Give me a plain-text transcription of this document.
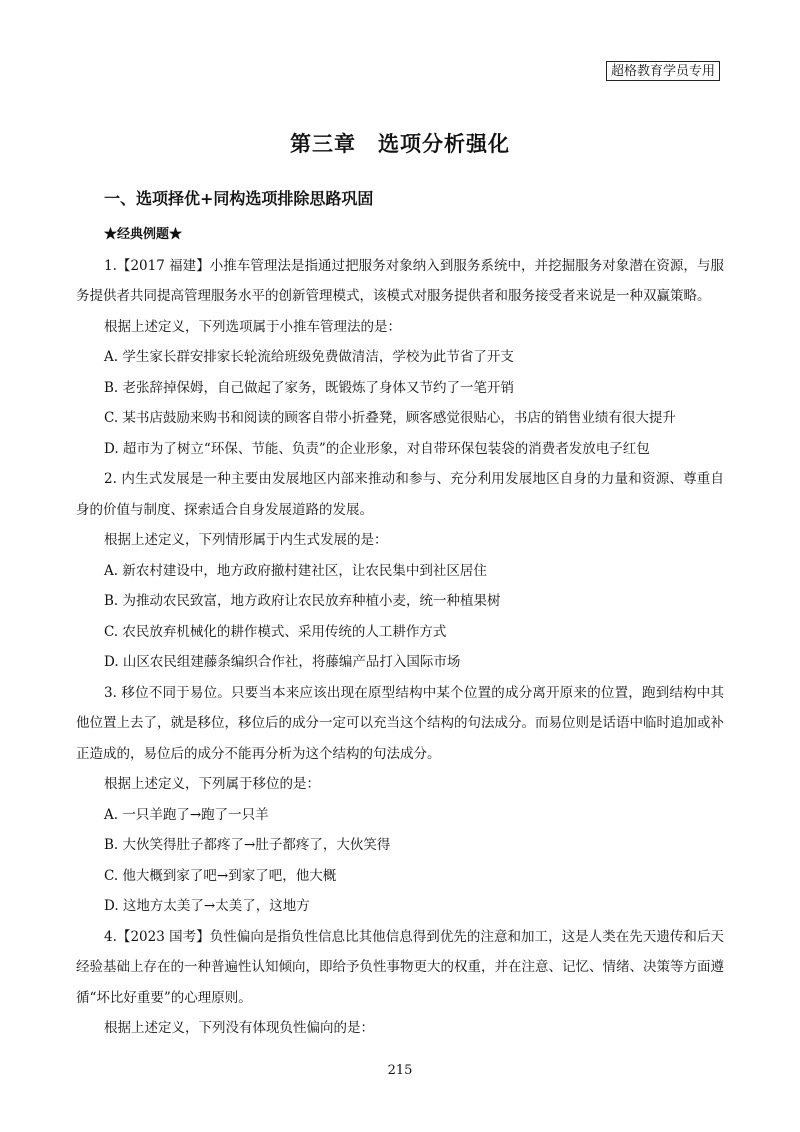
超格教育学员专用
第三章　选项分析强化
一、选项择优+同构选项排除思路巩固

★经典例题★

1.【2017 福建】小推车管理法是指通过把服务对象纳入到服务系统中，并挖掘服务对象潜在资源，与服务提供者共同提高管理服务水平的创新管理模式，该模式对服务提供者和服务接受者来说是一种双赢策略。

根据上述定义，下列选项属于小推车管理法的是：

A. 学生家长群安排家长轮流给班级免费做清洁，学校为此节省了开支

B. 老张辞掉保姆，自己做起了家务，既锻炼了身体又节约了一笔开销

C. 某书店鼓励来购书和阅读的顾客自带小折叠凳，顾客感觉很贴心，书店的销售业绩有很大提升

D. 超市为了树立“环保、节能、负责”的企业形象，对自带环保包装袋的消费者发放电子红包

2. 内生式发展是一种主要由发展地区内部来推动和参与、充分利用发展地区自身的力量和资源、尊重自身的价值与制度、探索适合自身发展道路的发展。

根据上述定义，下列情形属于内生式发展的是：

A. 新农村建设中，地方政府撤村建社区，让农民集中到社区居住

B. 为推动农民致富，地方政府让农民放弃种植小麦，统一种植果树

C. 农民放弃机械化的耕作模式、采用传统的人工耕作方式

D. 山区农民组建藤条编织合作社，将藤编产品打入国际市场

3. 移位不同于易位。只要当本来应该出现在原型结构中某个位置的成分离开原来的位置，跑到结构中其他位置上去了，就是移位，移位后的成分一定可以充当这个结构的句法成分。而易位则是话语中临时追加或补正造成的，易位后的成分不能再分析为这个结构的句法成分。

根据上述定义，下列属于移位的是：

A. 一只羊跑了→跑了一只羊

B. 大伙笑得肚子都疼了→肚子都疼了，大伙笑得

C. 他大概到家了吧→到家了吧，他大概

D. 这地方太美了→太美了，这地方

4.【2023 国考】负性偏向是指负性信息比其他信息得到优先的注意和加工，这是人类在先天遗传和后天经验基础上存在的一种普遍性认知倾向，即给予负性事物更大的权重，并在注意、记忆、情绪、决策等方面遵循“坏比好重要”的心理原则。

根据上述定义，下列没有体现负性偏向的是：

215
